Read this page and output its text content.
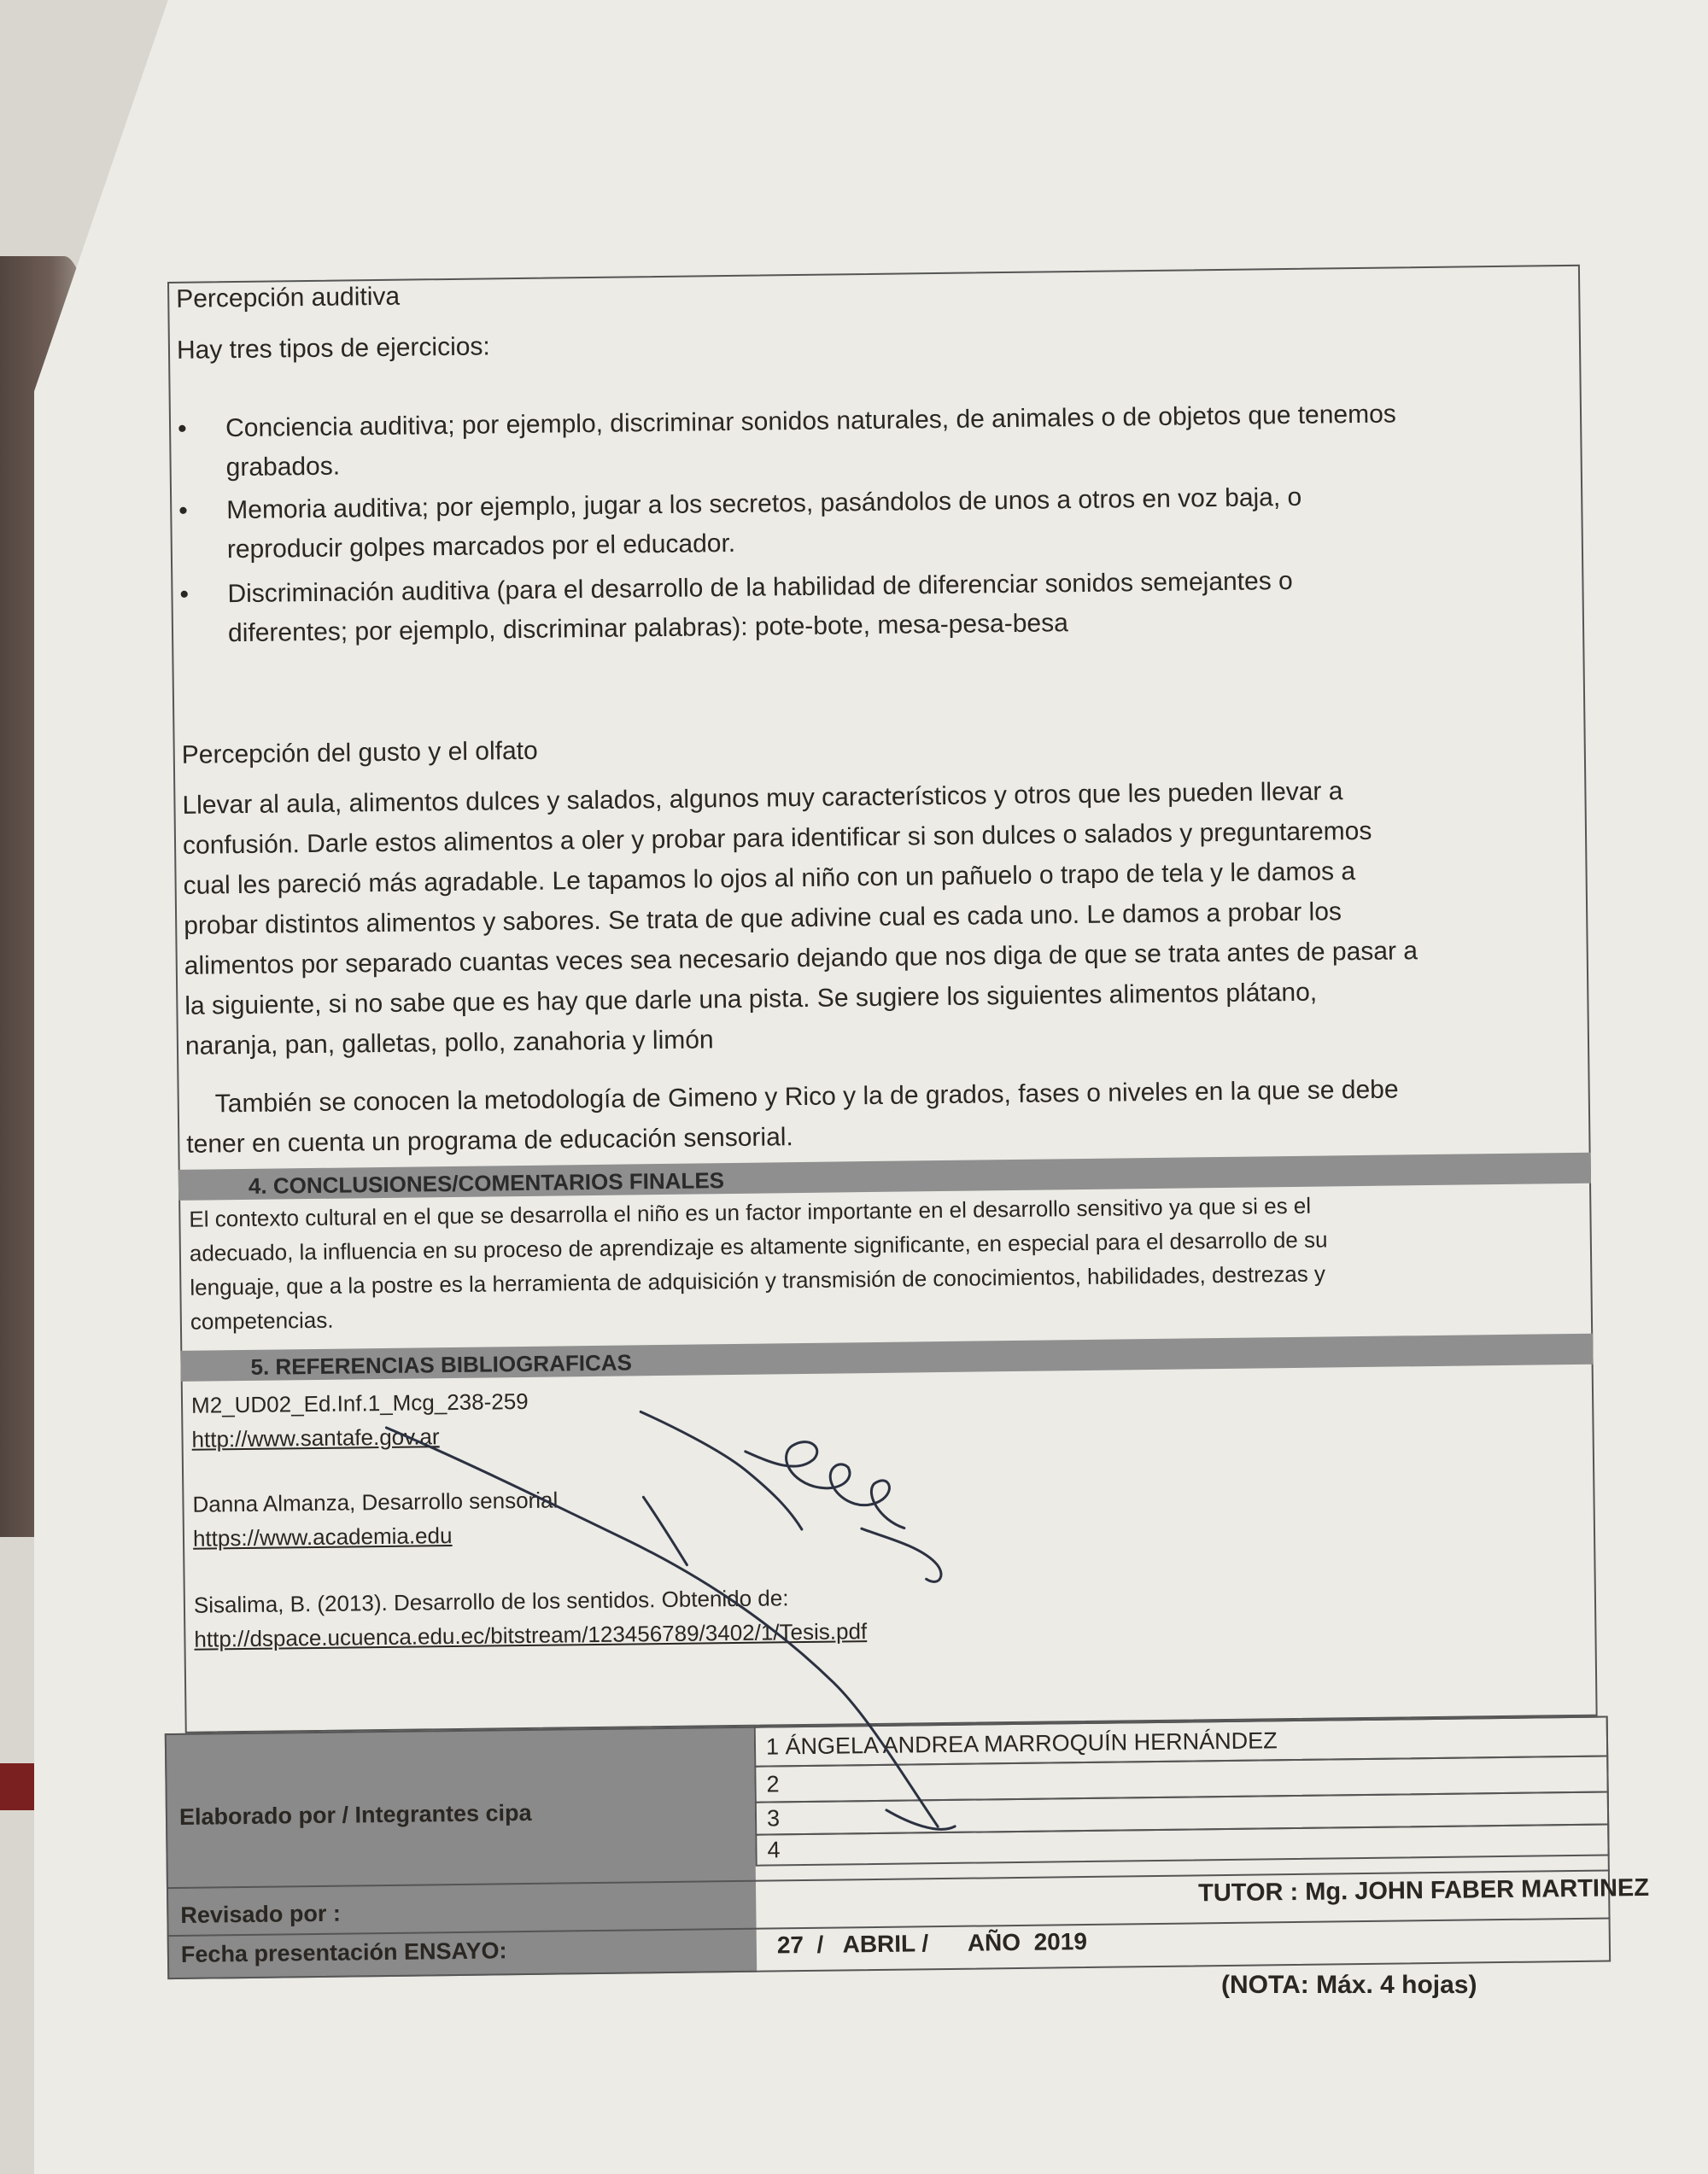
Percepción auditiva
Hay tres tipos de ejercicios:
• Conciencia auditiva; por ejemplo, discriminar sonidos naturales, de animales o de objetos que tenemos
grabados.
• Memoria auditiva; por ejemplo, jugar a los secretos, pasándolos de unos a otros en voz baja, o
reproducir golpes marcados por el educador.
• Discriminación auditiva (para el desarrollo de la habilidad de diferenciar sonidos semejantes o
diferentes; por ejemplo, discriminar palabras): pote-bote, mesa-pesa-besa
Percepción del gusto y el olfato
Llevar al aula, alimentos dulces y salados, algunos muy característicos y otros que les pueden llevar a
confusión. Darle estos alimentos a oler y probar para identificar si son dulces o salados y preguntaremos
cual les pareció más agradable. Le tapamos lo ojos al niño con un pañuelo o trapo de tela y le damos a
probar distintos alimentos y sabores. Se trata de que adivine cual es cada uno. Le damos a probar los
alimentos por separado cuantas veces sea necesario dejando que nos diga de que se trata antes de pasar a
la siguiente, si no sabe que es hay que darle una pista. Se sugiere los siguientes alimentos plátano,
naranja, pan, galletas, pollo, zanahoria y limón
También se conocen la metodología de Gimeno y Rico y la de grados, fases o niveles en la que se debe
tener en cuenta un programa de educación sensorial.
4. CONCLUSIONES/COMENTARIOS FINALES
El contexto cultural en el que se desarrolla el niño es un factor importante en el desarrollo sensitivo ya que si es el
adecuado, la influencia en su proceso de aprendizaje es altamente significante, en especial para el desarrollo de su
lenguaje, que a la postre es la herramienta de adquisición y transmisión de conocimientos, habilidades, destrezas y
competencias.
5. REFERENCIAS BIBLIOGRAFICAS
M2_UD02_Ed.Inf.1_Mcg_238-259
http://www.santafe.gov.ar
Danna Almanza, Desarrollo sensorial
https://www.academia.edu
Sisalima, B. (2013). Desarrollo de los sentidos. Obtenido de:
http://dspace.ucuenca.edu.ec/bitstream/123456789/3402/1/Tesis.pdf
Elaborado por / Integrantes cipa
1 ÁNGELA ANDREA MARROQUÍN HERNÁNDEZ
2
3
4
Revisado por :
TUTOR : Mg. JOHN FABER MARTINEZ
Fecha presentación ENSAYO:	27  /   ABRIL /      AÑO  2019
(NOTA: Máx. 4 hojas)
